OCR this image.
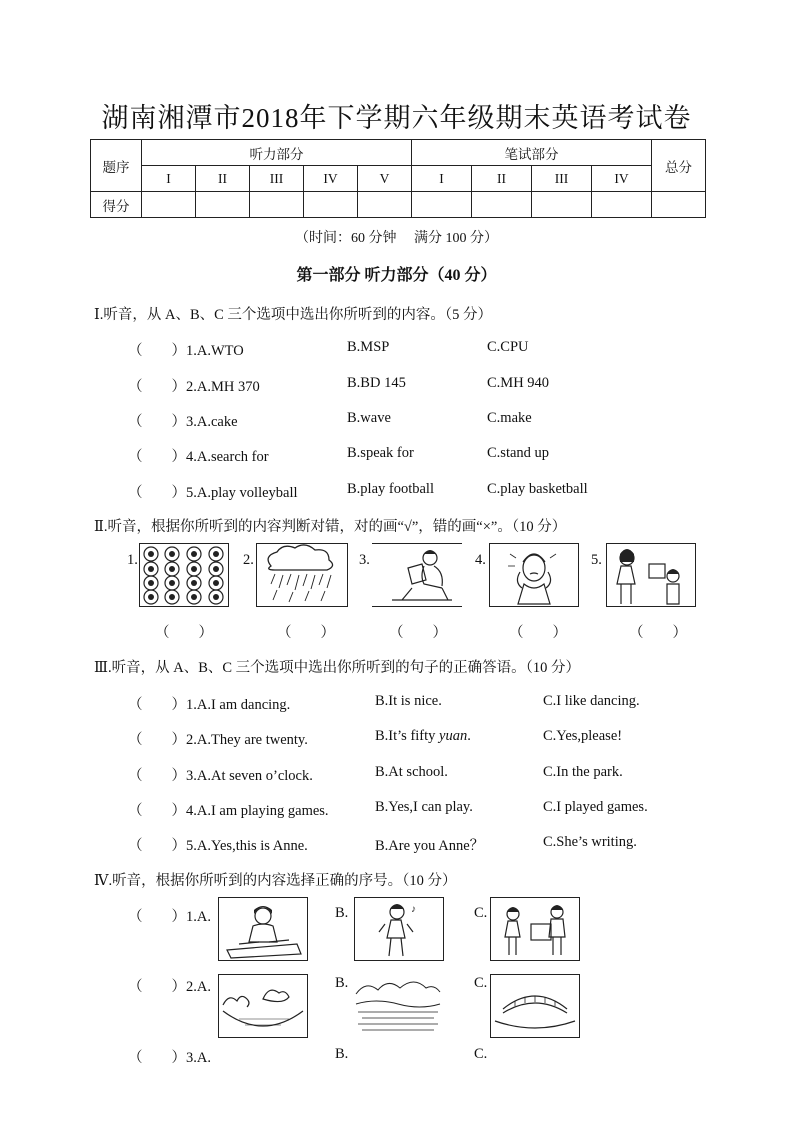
湖南湘潭市2018年下学期六年级期末英语考试卷
题序	听力部分					笔试部分				总分
	I	II	III	IV	V	I	II	III	IV	
得分										
（时间：60 分钟　 满分 100 分）
第一部分 听力部分（40 分）
Ⅰ.听音，从 A、B、C 三个选项中选出你所听到的内容。（5 分）
（　　）1.A.WTO	B.MSP	C.CPU
（　　）2.A.MH 370	B.BD 145	C.MH 940
（　　）3.A.cake	B.wave	C.make
（　　）4.A.search for	B.speak for	C.stand up
（　　）5.A.play volleyball	B.play football	C.play basketball
Ⅱ.听音，根据你所听到的内容判断对错，对的画“√”，错的画“×”。（10 分）
1.	2.	3.	4.	5.
（　　）	（　　）	（　　）	（　　）	（　　）
Ⅲ.听音，从 A、B、C 三个选项中选出你所听到的句子的正确答语。（10 分）
（　　）1.A.I am dancing.	B.It is nice.	C.I like dancing.
（　　）2.A.They are twenty.	B.It’s fifty yuan.	C.Yes,please!
（　　）3.A.At seven o’clock.	B.At school.	C.In the park.
（　　）4.A.I am playing games.	B.Yes,I can play.	C.I played games.
（　　）5.A.Yes,this is Anne.	B.Are you Anne？	C.She’s writing.
Ⅳ.听音，根据你所听到的内容选择正确的序号。（10 分）
（　　）1.A.	B.	♪	C.
（　　）2.A.	B.	C.
（　　）3.A.	B.	C.
